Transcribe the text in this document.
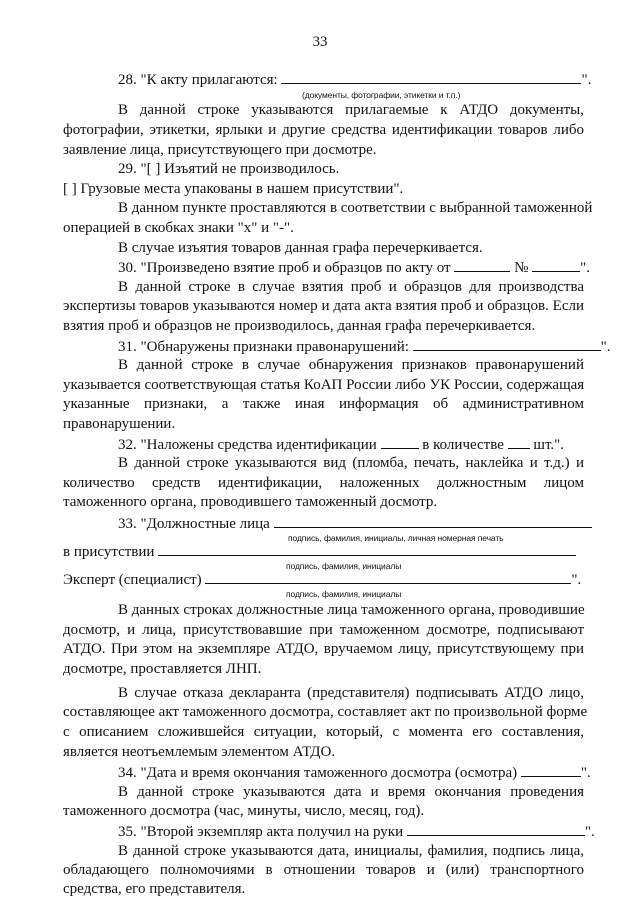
33
28. "К акту прилагаются:	".
(документы, фотографии, этикетки и т.п.)
В данной строке указываются прилагаемые к АТДО документы,
фотографии, этикетки, ярлыки и другие средства идентификации товаров либо
заявление лица, присутствующего при досмотре.
29. "[ ] Изъятий не производилось.
[ ] Грузовые места упакованы в нашем присутствии".
В данном пункте проставляются в соответствии с выбранной таможенной
операцией в скобках знаки "х" и "-".
В случае изъятия товаров данная графа перечеркивается.
30. "Произведено взятие проб и образцов по акту от	№	".
В данной строке в случае взятия проб и образцов для производства
экспертизы товаров указываются номер и дата акта взятия проб и образцов. Если
взятия проб и образцов не производилось, данная графа перечеркивается.
31. "Обнаружены признаки правонарушений:	".
В данной строке в случае обнаружения признаков правонарушений
указывается соответствующая статья КоАП России либо УК России, содержащая
указанные признаки, а также иная информация об административном
правонарушении.
32. "Наложены средства идентификации	в количестве шт.".
В данной строке указываются вид (пломба, печать, наклейка и т.д.) и
количество средств идентификации, наложенных должностным лицом
таможенного органа, проводившего таможенный досмотр.
33. "Должностные лица
подпись, фамилия, инициалы, личная номерная печать
в присутствии
подпись, фамилия, инициалы
Эксперт (специалист)	".
подпись, фамилия, инициалы
В данных строках должностные лица таможенного органа, проводившие
досмотр, и лица, присутствовавшие при таможенном досмотре, подписывают
АТДО. При этом на экземпляре АТДО, вручаемом лицу, присутствующему при
досмотре, проставляется ЛНП.
В случае отказа декларанта (представителя) подписывать АТДО лицо,
составляющее акт таможенного досмотра, составляет акт по произвольной форме
с описанием сложившейся ситуации, который, с момента его составления,
является неотъемлемым элементом АТДО.
34. "Дата и время окончания таможенного досмотра (осмотра)	".
В данной строке указываются дата и время окончания проведения
таможенного досмотра (час, минуты, число, месяц, год).
35. "Второй экземпляр акта получил на руки	".
В данной строке указываются дата, инициалы, фамилия, подпись лица,
обладающего полномочиями в отношении товаров и (или) транспортного
средства, его представителя.
